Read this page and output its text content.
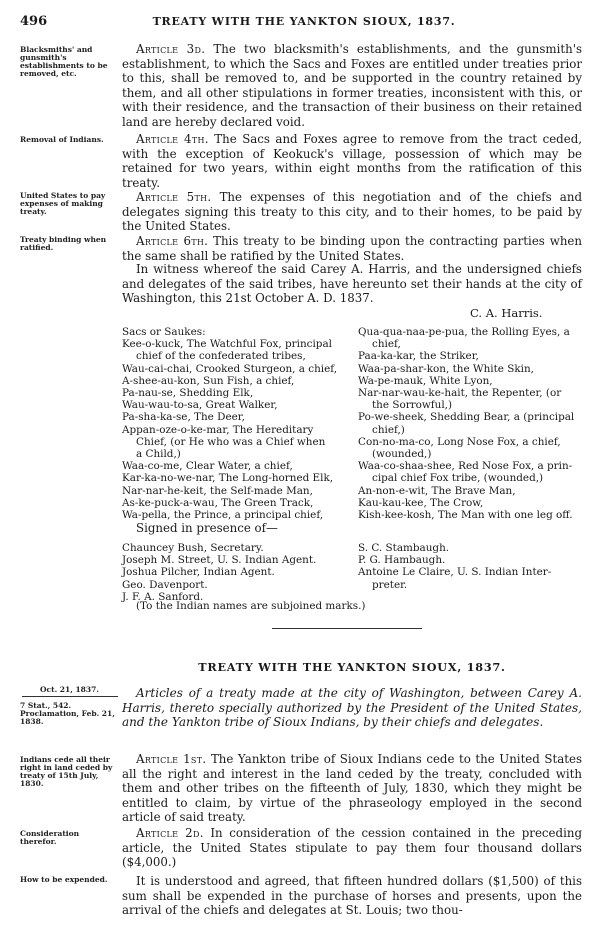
496	TREATY WITH THE YANKTON SIOUX, 1837.
Blacksmiths' and gunsmith's establishments to be removed, etc.
Removal of Indians.
United States to pay expenses of making treaty.
Treaty binding when ratified.
Article 3d. The two blacksmith's establishments, and the gunsmith's establishment, to which the Sacs and Foxes are entitled under treaties prior to this, shall be removed to, and be supported in the country retained by them, and all other stipulations in former treaties, inconsistent with this, or with their residence, and the transaction of their business on their retained land are hereby declared void.
Article 4th. The Sacs and Foxes agree to remove from the tract ceded, with the exception of Keokuck's village, possession of which may be retained for two years, within eight months from the ratification of this treaty.
Article 5th. The expenses of this negotiation and of the chiefs and delegates signing this treaty to this city, and to their homes, to be paid by the United States.
Article 6th. This treaty to be binding upon the contracting parties when the same shall be ratified by the United States.
In witness whereof the said Carey A. Harris, and the undersigned chiefs and delegates of the said tribes, have hereunto set their hands at the city of Washington, this 21st October A. D. 1837.
C. A. Harris.
Sacs or Saukes:
Kee-o-kuck, The Watchful Fox, principal
chief of the confederated tribes,
Wau-cai-chai, Crooked Sturgeon, a chief,
A-shee-au-kon, Sun Fish, a chief,
Pa-nau-se, Shedding Elk,
Wau-wau-to-sa, Great Walker,
Pa-sha-ka-se, The Deer,
Appan-oze-o-ke-mar, The Hereditary
Chief, (or He who was a Chief when
a Child,)
Waa-co-me, Clear Water, a chief,
Kar-ka-no-we-nar, The Long-horned Elk,
Nar-nar-he-keit, the Self-made Man,
As-ke-puck-a-wau, The Green Track,
Wa-pella, the Prince, a principal chief,
Qua-qua-naa-pe-pua, the Rolling Eyes, a
chief,
Paa-ka-kar, the Striker,
Waa-pa-shar-kon, the White Skin,
Wa-pe-mauk, White Lyon,
Nar-nar-wau-ke-hait, the Repenter, (or
the Sorrowful,)
Po-we-sheek, Shedding Bear, a (principal
chief,)
Con-no-ma-co, Long Nose Fox, a chief,
(wounded,)
Waa-co-shaa-shee, Red Nose Fox, a prin-
cipal chief Fox tribe, (wounded,)
An-non-e-wit, The Brave Man,
Kau-kau-kee, The Crow,
Kish-kee-kosh, The Man with one leg off.
Signed in presence of—
Chauncey Bush, Secretary.
Joseph M. Street, U. S. Indian Agent.
Joshua Pilcher, Indian Agent.
Geo. Davenport.
J. F. A. Sanford.
S. C. Stambaugh.
P. G. Hambaugh.
Antoine Le Claire, U. S. Indian Inter-
preter.
(To the Indian names are subjoined marks.)
TREATY WITH THE YANKTON SIOUX, 1837.
Oct. 21, 1837.
7 Stat., 542. Proclamation, Feb. 21, 1838.
Articles of a treaty made at the city of Washington, between Carey A. Harris, thereto specially authorized by the President of the United States, and the Yankton tribe of Sioux Indians, by their chiefs and delegates.
Indians cede all their right in land ceded by treaty of 15th July, 1830.
Article 1st. The Yankton tribe of Sioux Indians cede to the United States all the right and interest in the land ceded by the treaty, concluded with them and other tribes on the fifteenth of July, 1830, which they might be entitled to claim, by virtue of the phraseology employed in the second article of said treaty.
Consideration therefor.
Article 2d. In consideration of the cession contained in the preceding article, the United States stipulate to pay them four thousand dollars ($4,000.)
How to be expended.	It is understood and agreed, that fifteen hundred dollars ($1,500) of this sum shall be expended in the purchase of horses and presents, upon the arrival of the chiefs and delegates at St. Louis; two thou-
